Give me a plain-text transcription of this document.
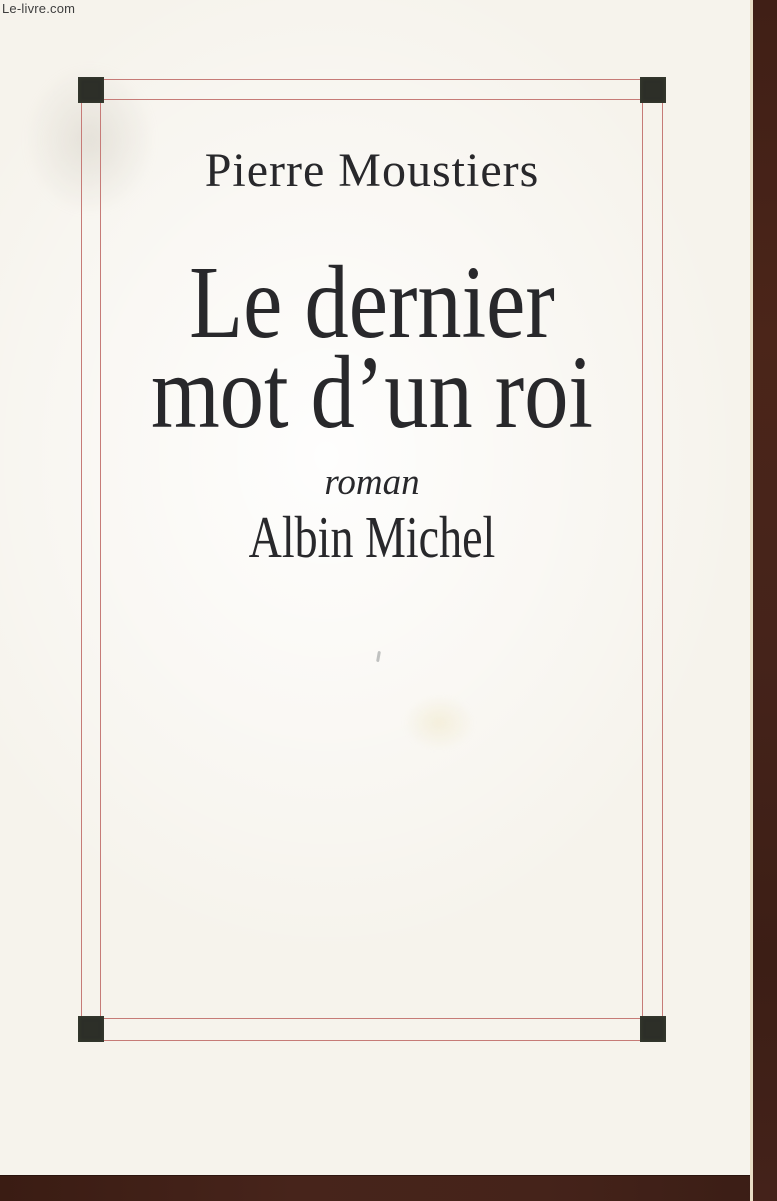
Pierre Moustiers
Le dernier
mot d’un roi
roman
Albin Michel
Le-livre.com
